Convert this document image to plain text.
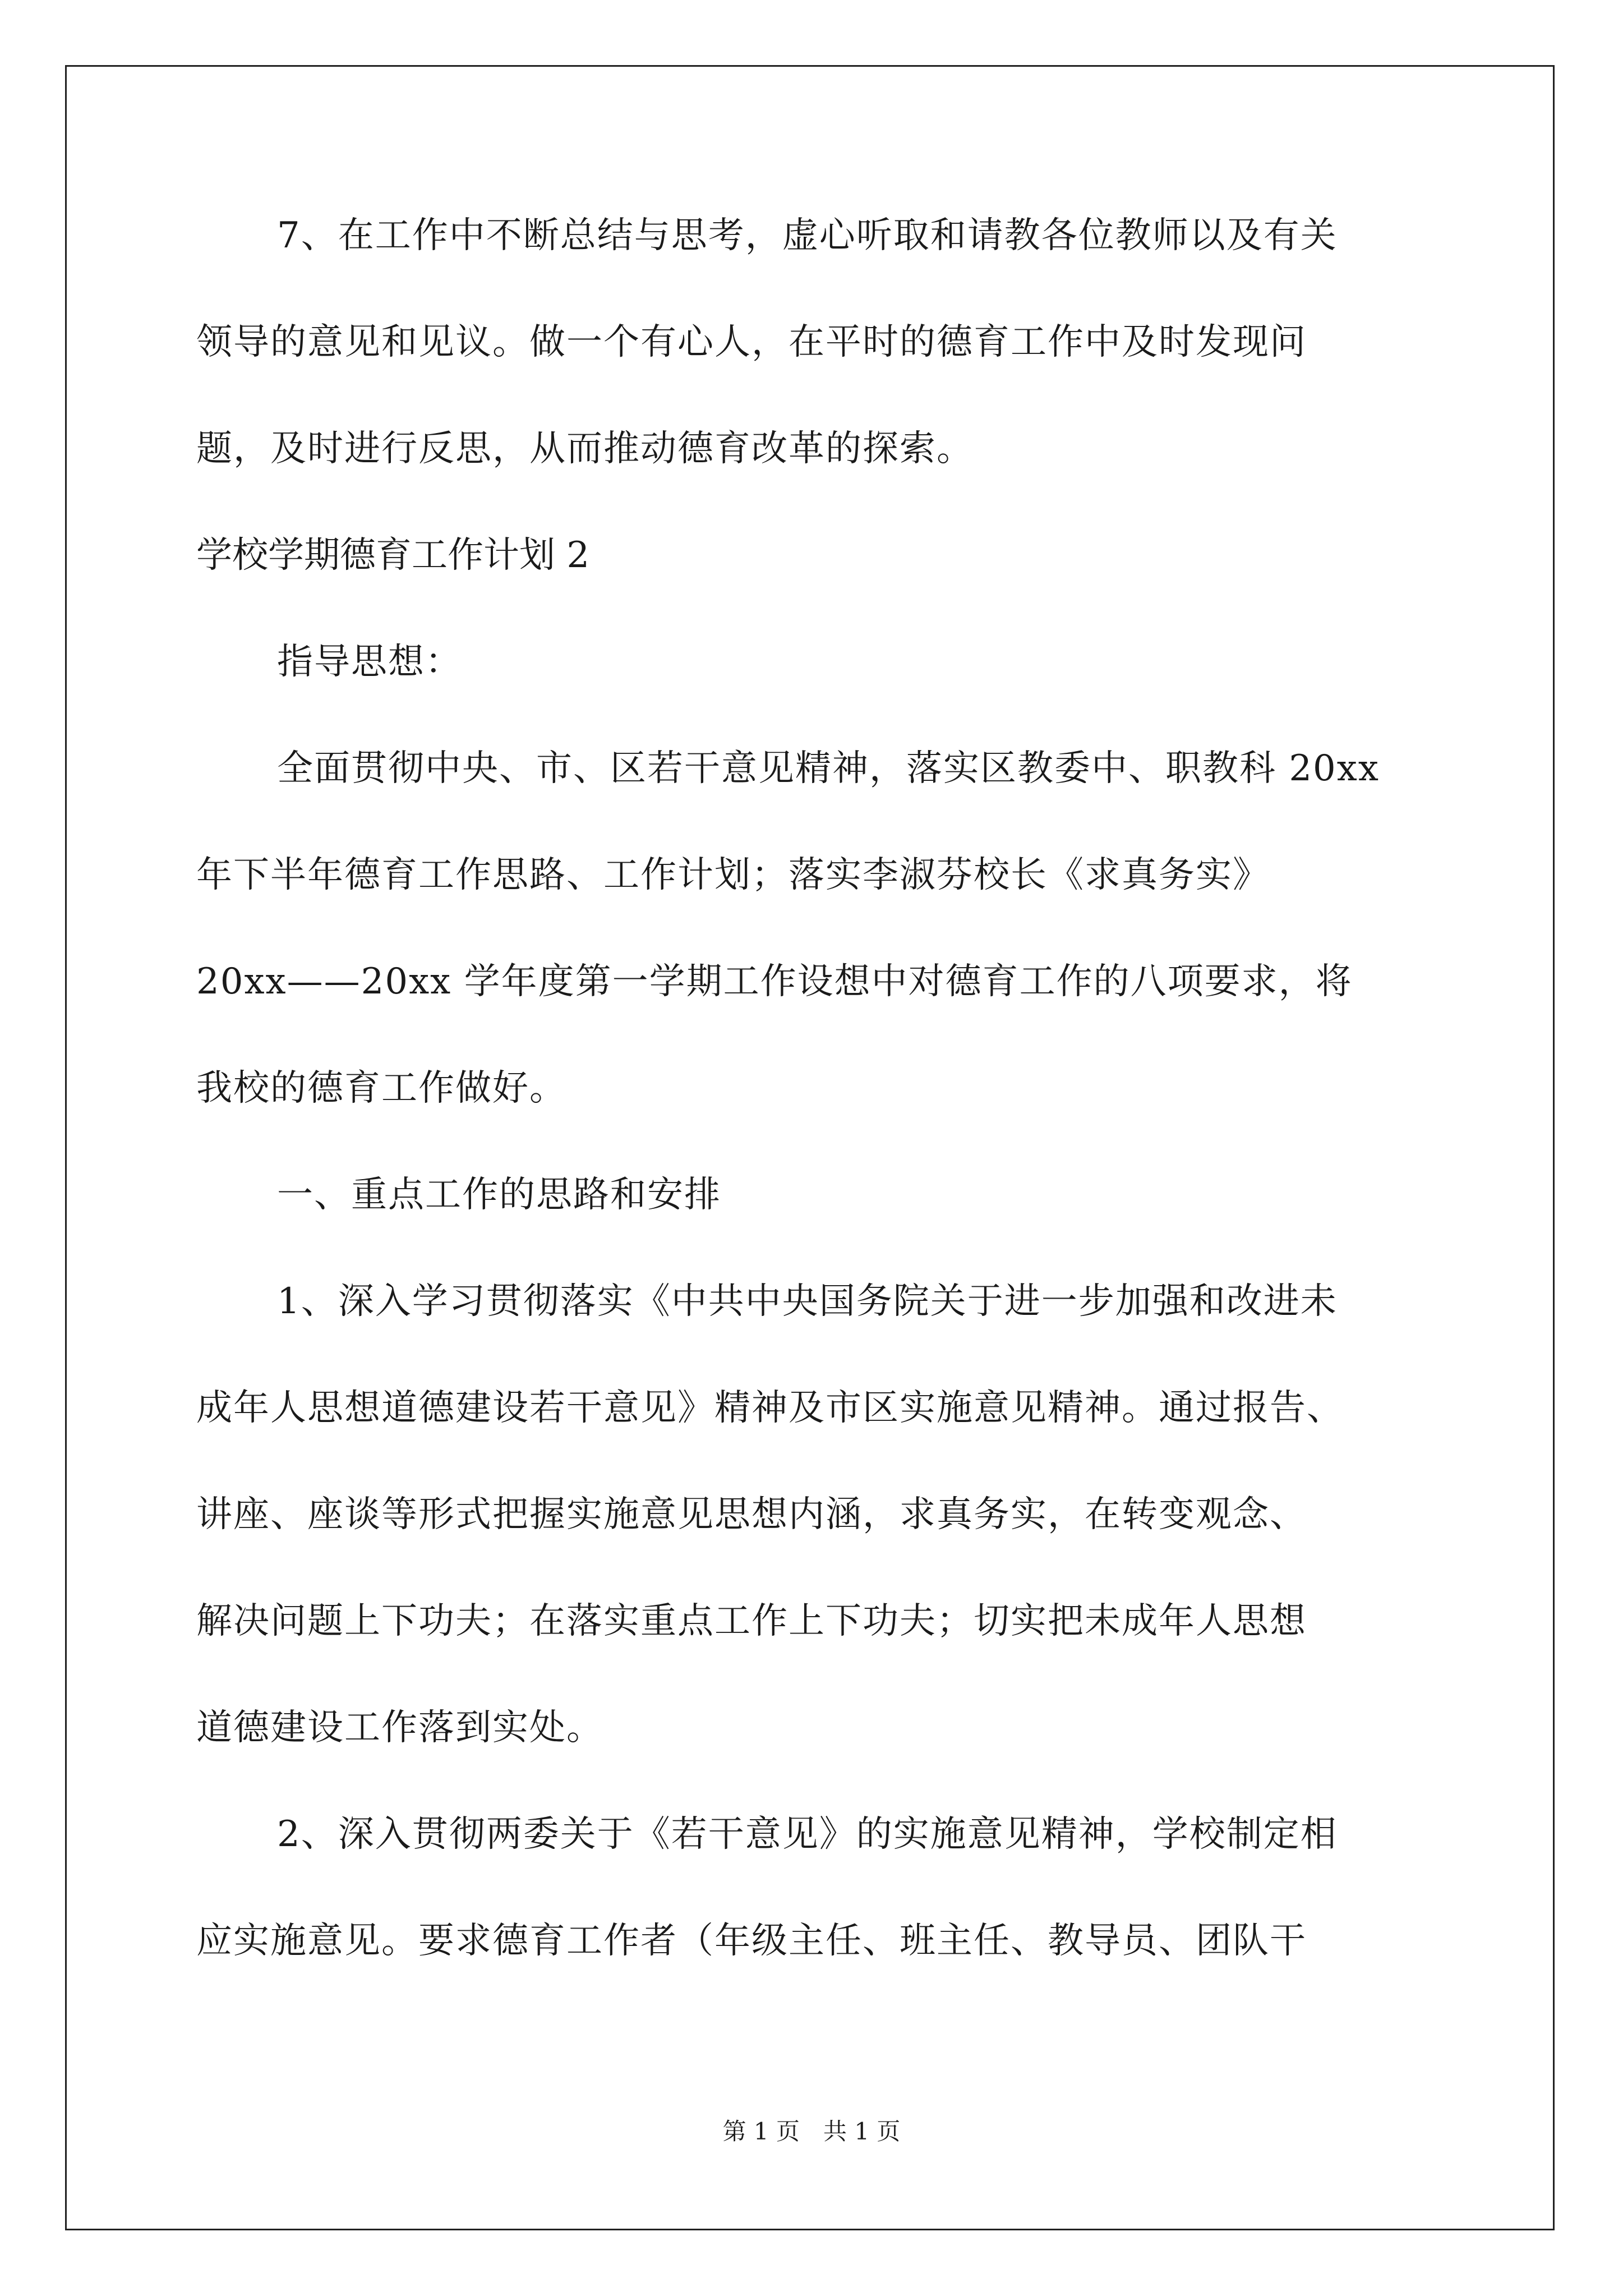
7、在工作中不断总结与思考，虚心听取和请教各位教师以及有关
领导的意见和见议。做一个有心人，在平时的德育工作中及时发现问
题，及时进行反思，从而推动德育改革的探索。
学校学期德育工作计划 2
指导思想：
全面贯彻中央、市、区若干意见精神，落实区教委中、职教科 20xx
年下半年德育工作思路、工作计划；落实李淑芬校长《求真务实》
20xx——20xx 学年度第一学期工作设想中对德育工作的八项要求，将
我校的德育工作做好。
一、重点工作的思路和安排
1、深入学习贯彻落实《中共中央国务院关于进一步加强和改进未
成年人思想道德建设若干意见》精神及市区实施意见精神。通过报告、
讲座、座谈等形式把握实施意见思想内涵，求真务实，在转变观念、
解决问题上下功夫；在落实重点工作上下功夫；切实把未成年人思想
道德建设工作落到实处。
2、深入贯彻两委关于《若干意见》的实施意见精神，学校制定相
应实施意见。要求德育工作者（年级主任、班主任、教导员、团队干
第 1 页　共 1 页
